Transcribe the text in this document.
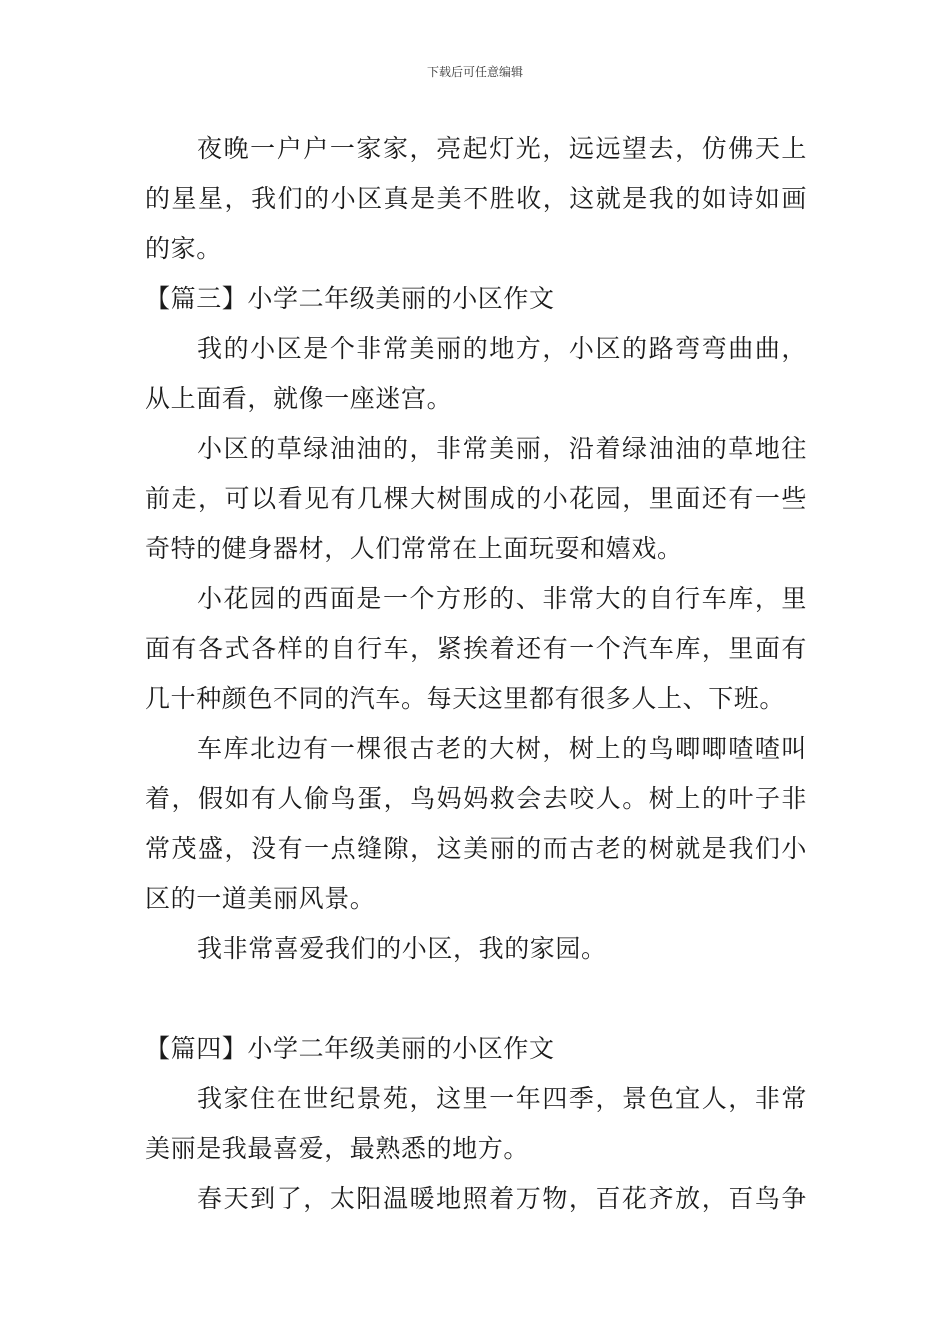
下载后可任意编辑
夜晚一户户一家家，亮起灯光，远远望去，仿佛天上
的星星，我们的小区真是美不胜收，这就是我的如诗如画
的家。
【篇三】小学二年级美丽的小区作文
我的小区是个非常美丽的地方，小区的路弯弯曲曲，
从上面看，就像一座迷宫。
小区的草绿油油的，非常美丽，沿着绿油油的草地往
前走，可以看见有几棵大树围成的小花园，里面还有一些
奇特的健身器材，人们常常在上面玩耍和嬉戏。
小花园的西面是一个方形的、非常大的自行车库，里
面有各式各样的自行车，紧挨着还有一个汽车库，里面有
几十种颜色不同的汽车。每天这里都有很多人上、下班。
车库北边有一棵很古老的大树，树上的鸟唧唧喳喳叫
着，假如有人偷鸟蛋，鸟妈妈救会去咬人。树上的叶子非
常茂盛，没有一点缝隙，这美丽的而古老的树就是我们小
区的一道美丽风景。
我非常喜爱我们的小区，我的家园。
【篇四】小学二年级美丽的小区作文
我家住在世纪景苑，这里一年四季，景色宜人，非常
美丽是我最喜爱，最熟悉的地方。
春天到了，太阳温暖地照着万物，百花齐放，百鸟争
